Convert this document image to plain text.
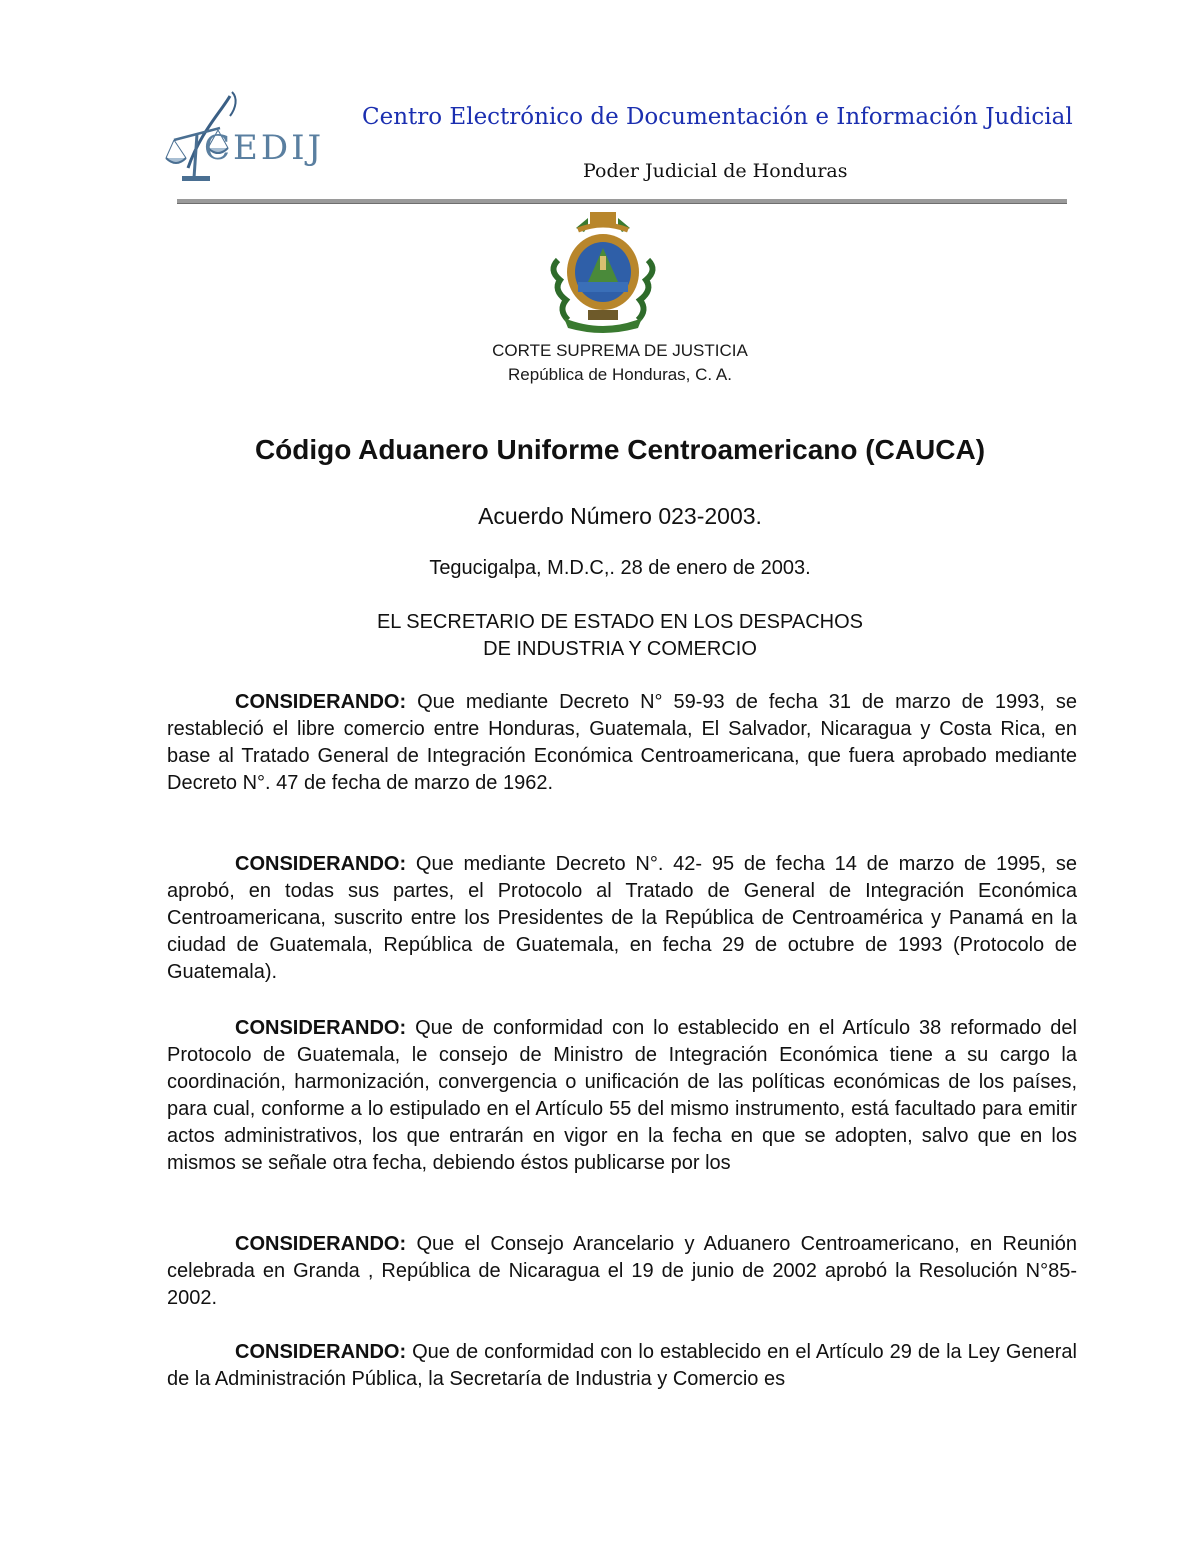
CEDIJ
Centro Electrónico de Documentación e Información Judicial
Poder Judicial de Honduras
CORTE SUPREMA DE JUSTICIA
República de Honduras, C. A.
Código Aduanero Uniforme Centroamericano (CAUCA)
Acuerdo Número 023-2003.
Tegucigalpa, M.D.C,. 28 de enero de 2003.
EL SECRETARIO DE ESTADO EN LOS DESPACHOS
DE INDUSTRIA Y COMERCIO
CONSIDERANDO: Que mediante Decreto N° 59-93 de fecha 31 de marzo de 1993, se restableció el libre comercio entre Honduras, Guatemala, El Salvador, Nicaragua y Costa Rica, en base al Tratado General de Integración Económica Centroamericana, que fuera aprobado mediante Decreto N°. 47 de fecha de marzo de 1962.
CONSIDERANDO: Que mediante Decreto N°. 42- 95 de fecha 14 de marzo de 1995, se aprobó, en todas sus partes, el Protocolo al Tratado de General de Integración Económica Centroamericana, suscrito entre los Presidentes de la República de Centroamérica y Panamá en la ciudad de Guatemala, República de Guatemala, en fecha 29 de octubre de 1993 (Protocolo de Guatemala).
CONSIDERANDO: Que de conformidad con lo establecido en el Artículo 38 reformado del Protocolo de Guatemala, le consejo de Ministro de Integración Económica tiene a su cargo la coordinación, harmonización, convergencia o unificación de las políticas económicas de los países, para cual, conforme a lo estipulado en el Artículo 55 del mismo instrumento, está facultado para emitir actos administrativos, los que entrarán en vigor en la fecha en que se adopten, salvo que en los mismos se señale otra fecha, debiendo éstos publicarse por los
CONSIDERANDO: Que el Consejo Arancelario y Aduanero Centroamericano, en Reunión celebrada en Granda , República de Nicaragua el 19 de junio de 2002 aprobó la Resolución N°85-2002.
CONSIDERANDO: Que de conformidad con lo establecido en el Artículo 29 de la Ley General de la Administración Pública, la Secretaría de Industria y Comercio es
